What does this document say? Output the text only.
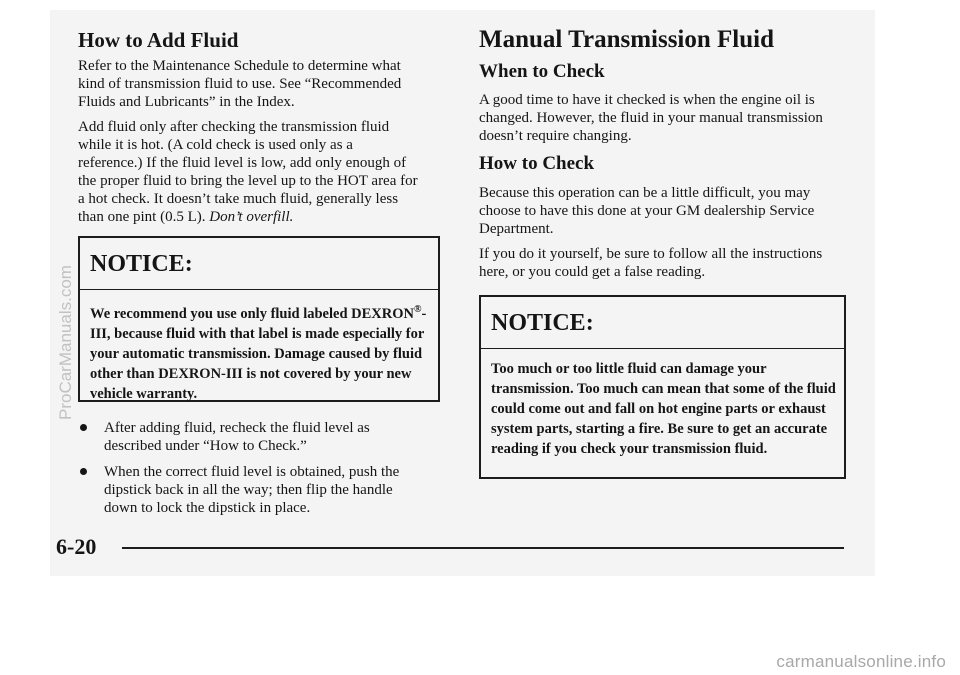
How to Add Fluid

Refer to the Maintenance Schedule to determine what kind of transmission fluid to use. See “Recommended Fluids and Lubricants” in the Index.

Add fluid only after checking the transmission fluid while it is hot. (A cold check is used only as a reference.) If the fluid level is low, add only enough of the proper fluid to bring the level up to the HOT area for a hot check. It doesn’t take much fluid, generally less than one pint (0.5 L). Don’t overfill.

NOTICE:
We recommend you use only fluid labeled DEXRON®-III, because fluid with that label is made especially for your automatic transmission. Damage caused by fluid other than DEXRON-III is not covered by your new vehicle warranty.
After adding fluid, recheck the fluid level as described under “How to Check.”
When the correct fluid level is obtained, push the dipstick back in all the way; then flip the handle down to lock the dipstick in place.
Manual Transmission Fluid
When to Check

A good time to have it checked is when the engine oil is changed. However, the fluid in your manual transmission doesn’t require changing.

How to Check

Because this operation can be a little difficult, you may choose to have this done at your GM dealership Service Department.

If you do it yourself, be sure to follow all the instructions here, or you could get a false reading.

NOTICE:
Too much or too little fluid can damage your transmission. Too much can mean that some of the fluid could come out and fall on hot engine parts or exhaust system parts, starting a fire. Be sure to get an accurate reading if you check your transmission fluid.
6-20
ProCarManuals.com
carmanualsonline.info
